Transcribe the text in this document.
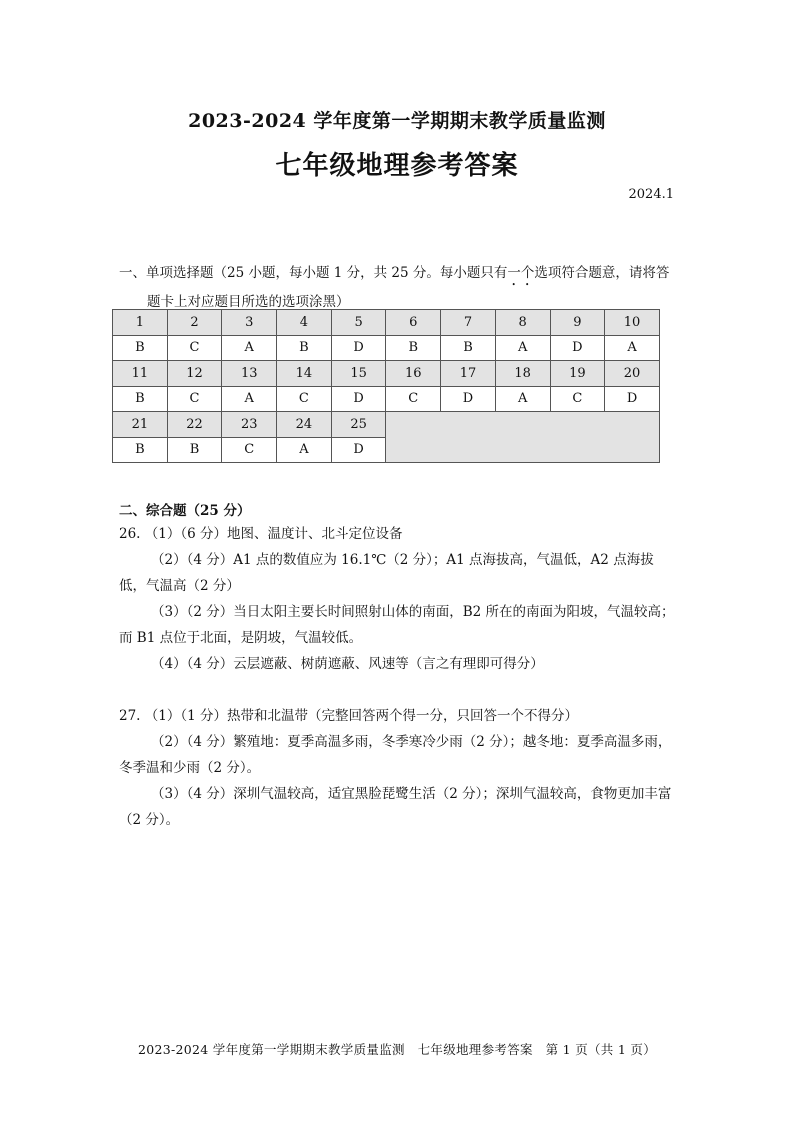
2023-2024 学年度第一学期期末教学质量监测
七年级地理参考答案
2024.1
一、单项选择题（25 小题，每小题 1 分，共 25 分。每小题只有一个选项符合题意，请将答
题卡上对应题目所选的选项涂黑）
1	2	3	4	5	6	7	8	9	10
B	C	A	B	D	B	B	A	D	A
11	12	13	14	15	16	17	18	19	20
B	C	A	C	D	C	D	A	C	D
21	22	23	24	25					
B	B	C	A	D					
二、综合题（25 分）

26. （1）（6 分）地图、温度计、北斗定位设备

（2）（4 分）A1 点的数值应为 16.1℃（2 分）；A1 点海拔高，气温低，A2 点海拔低，气温高（2 分）

（3）（2 分）当日太阳主要长时间照射山体的南面，B2 所在的南面为阳坡，气温较高；而 B1 点位于北面，是阴坡，气温较低。

（4）（4 分）云层遮蔽、树荫遮蔽、风速等（言之有理即可得分）

27. （1）（1 分）热带和北温带（完整回答两个得一分，只回答一个不得分）

（2）（4 分）繁殖地：夏季高温多雨，冬季寒冷少雨（2 分）；越冬地：夏季高温多雨，冬季温和少雨（2 分）。

（3）（4 分）深圳气温较高，适宜黑脸琵鹭生活（2 分）；深圳气温较高，食物更加丰富（2 分）。

2023-2024 学年度第一学期期末教学质量监测　七年级地理参考答案　第 1 页（共 1 页）
